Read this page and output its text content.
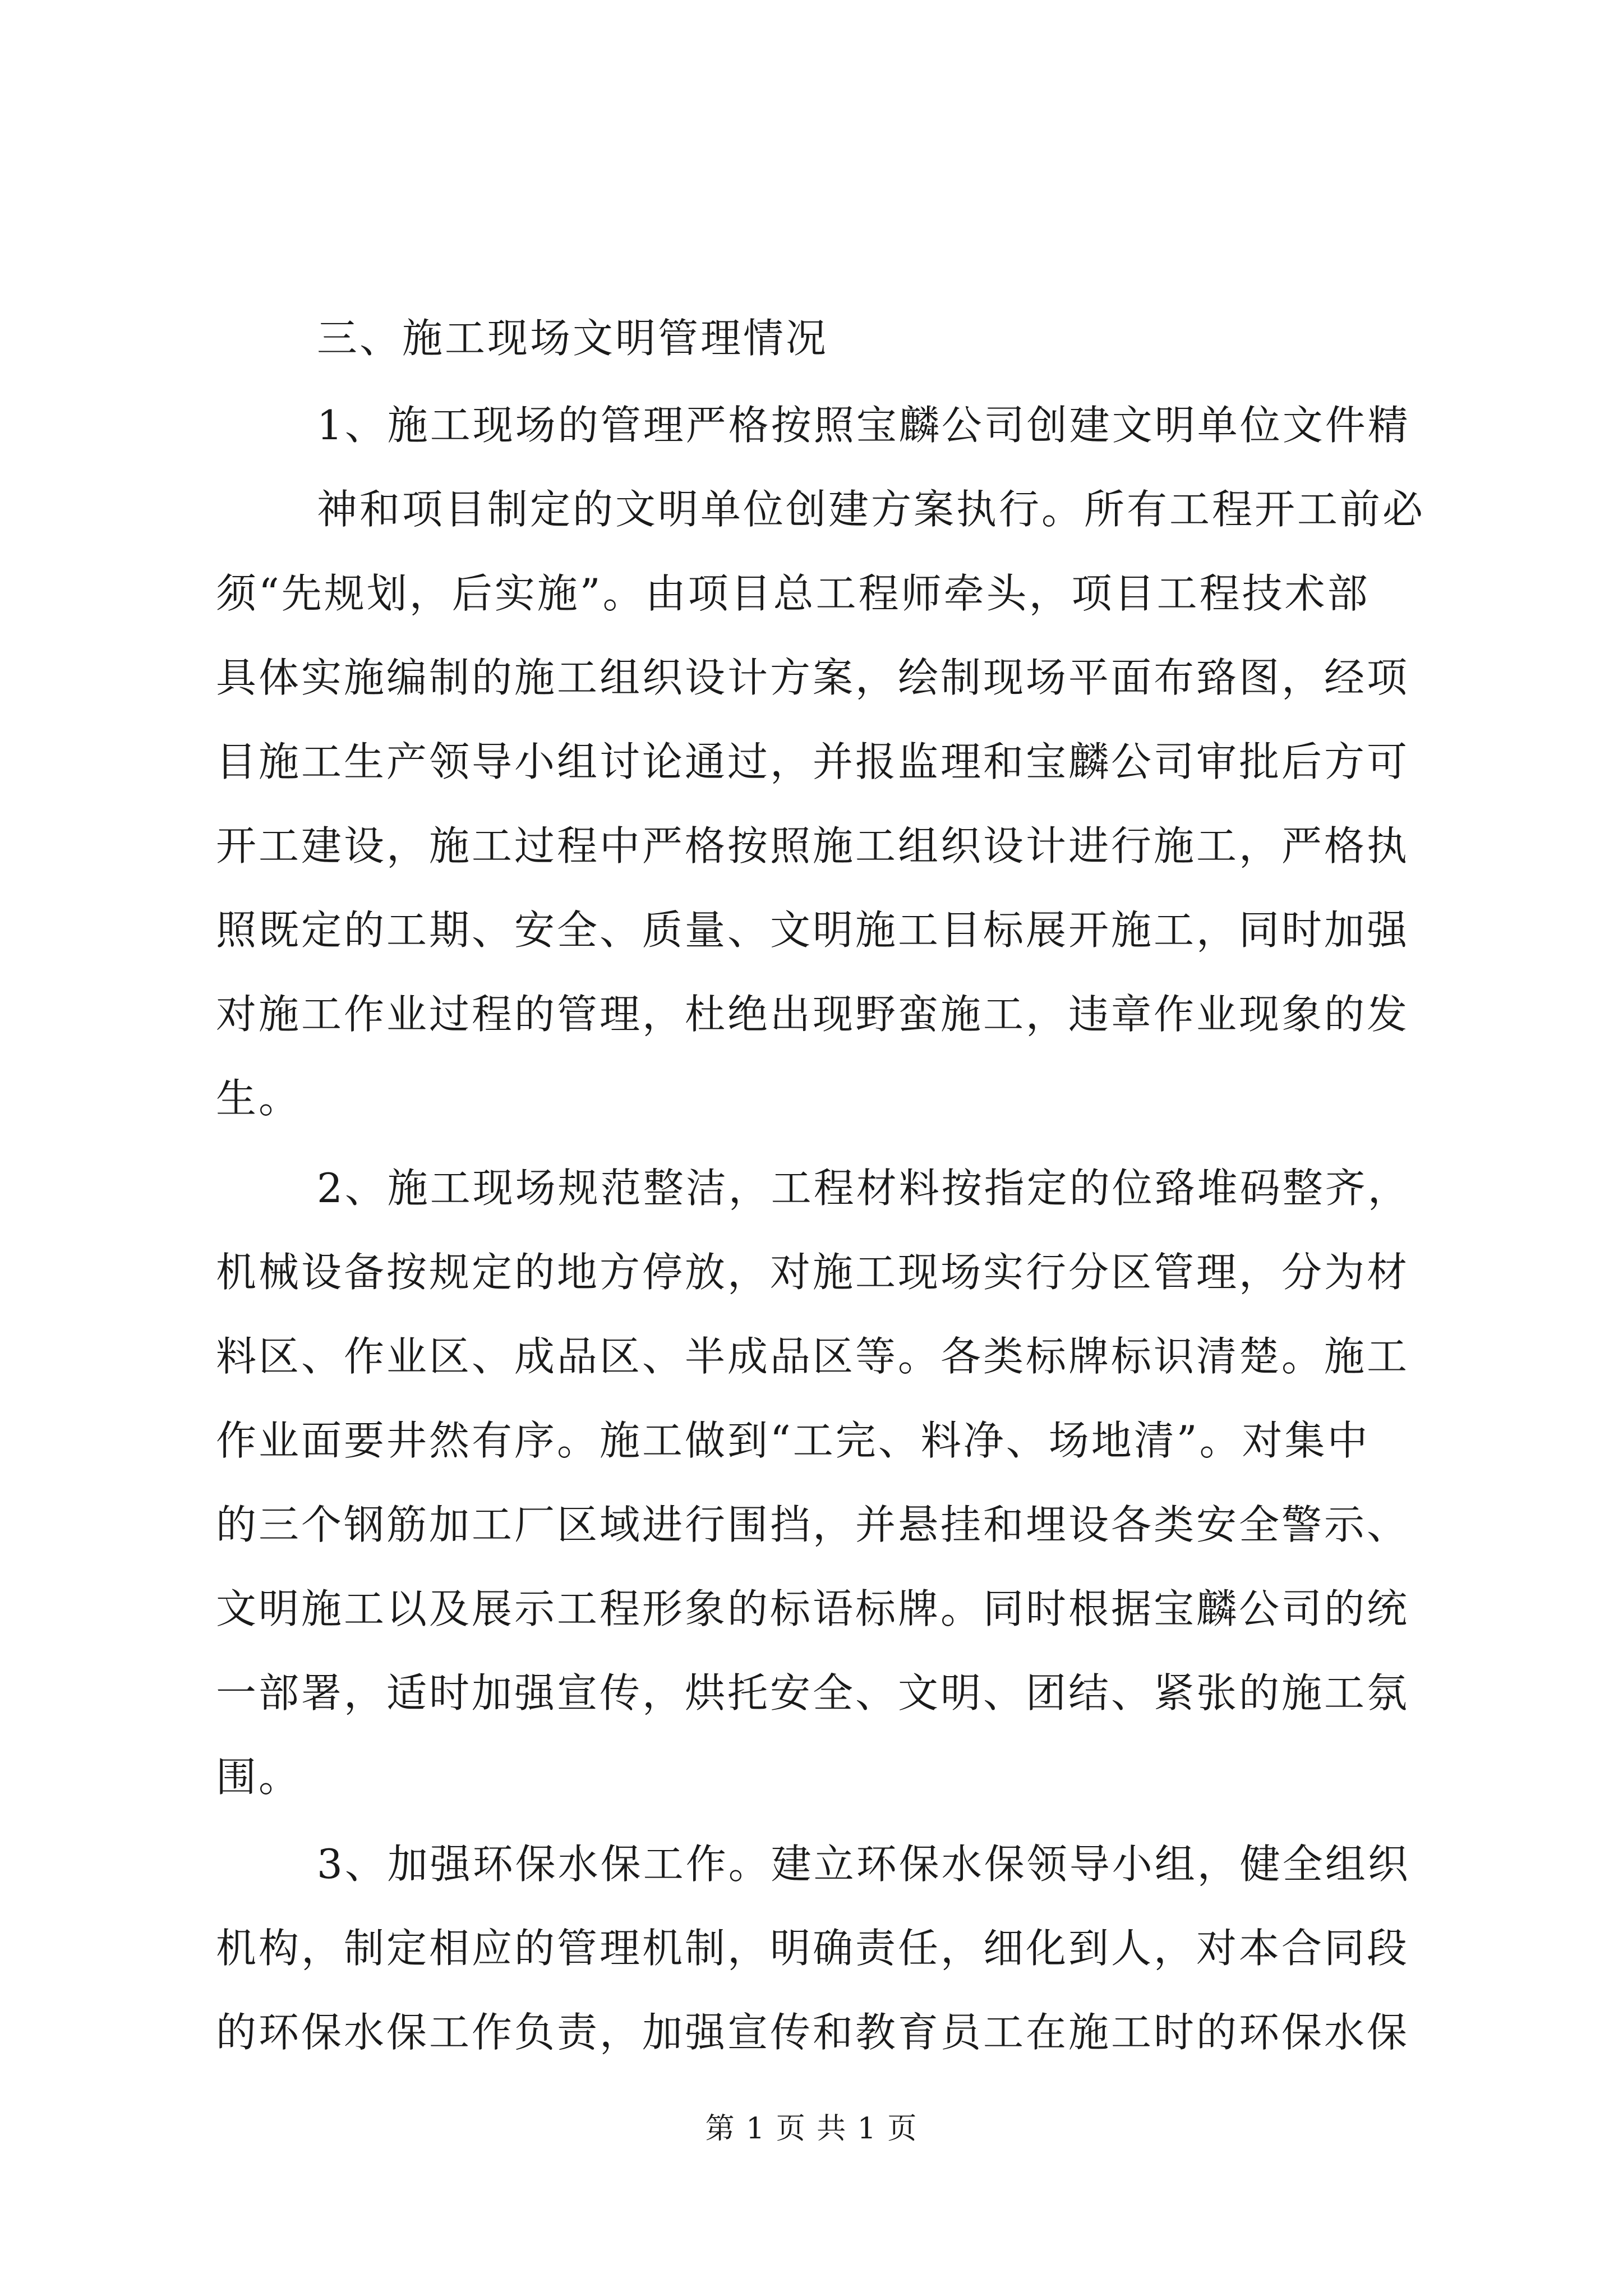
三、施工现场文明管理情况
1、施工现场的管理严格按照宝麟公司创建文明单位文件精
神和项目制定的文明单位创建方案执行。所有工程开工前必
须“先规划，后实施”。由项目总工程师牵头，项目工程技术部
具体实施编制的施工组织设计方案，绘制现场平面布臵图，经项
目施工生产领导小组讨论通过，并报监理和宝麟公司审批后方可
开工建设，施工过程中严格按照施工组织设计进行施工，严格执
照既定的工期、安全、质量、文明施工目标展开施工，同时加强
对施工作业过程的管理，杜绝出现野蛮施工，违章作业现象的发
生。
2、施工现场规范整洁，工程材料按指定的位臵堆码整齐，
机械设备按规定的地方停放，对施工现场实行分区管理，分为材
料区、作业区、成品区、半成品区等。各类标牌标识清楚。施工
作业面要井然有序。施工做到“工完、料净、场地清”。对集中
的三个钢筋加工厂区域进行围挡，并悬挂和埋设各类安全警示、
文明施工以及展示工程形象的标语标牌。同时根据宝麟公司的统
一部署，适时加强宣传，烘托安全、文明、团结、紧张的施工氛
围。
3、加强环保水保工作。建立环保水保领导小组，健全组织
机构，制定相应的管理机制，明确责任，细化到人，对本合同段
的环保水保工作负责，加强宣传和教育员工在施工时的环保水保
第 1 页 共 1 页
